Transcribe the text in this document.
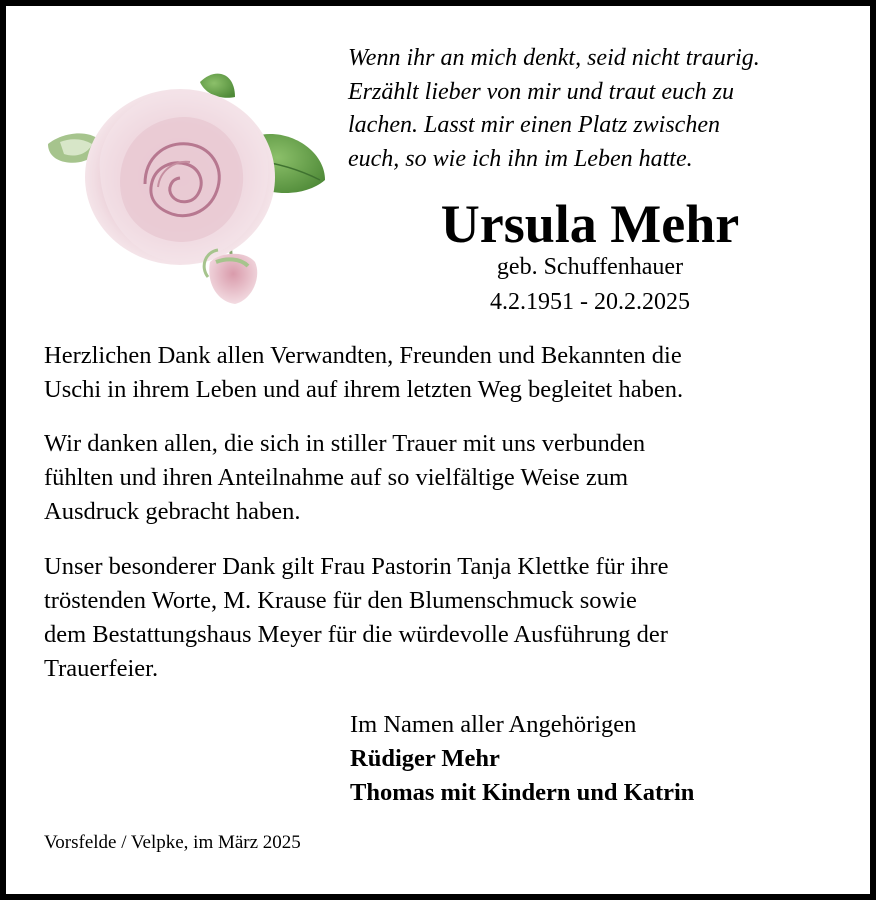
Wenn ihr an mich denkt, seid nicht traurig.

Erzählt lieber von mir und traut euch zu

lachen. Lasst mir einen Platz zwischen

euch, so wie ich ihn im Leben hatte.

Ursula Mehr
geb. Schuffenhauer
4.2.1951 - 20.2.2025
Herzlichen Dank allen Verwandten, Freunden und Bekannten die
Uschi in ihrem Leben und auf ihrem letzten Weg begleitet haben.
Wir danken allen, die sich in stiller Trauer mit uns verbunden
fühlten und ihren Anteilnahme auf so vielfältige Weise zum
Ausdruck gebracht haben.
Unser besonderer Dank gilt Frau Pastorin Tanja Klettke für ihre
tröstenden Worte, M. Krause für den Blumenschmuck sowie
dem Bestattungshaus Meyer für die würdevolle Ausführung der
Trauerfeier.
Im Namen aller Angehörigen
Rüdiger Mehr
Thomas mit Kindern und Katrin
Vorsfelde / Velpke, im März 2025
